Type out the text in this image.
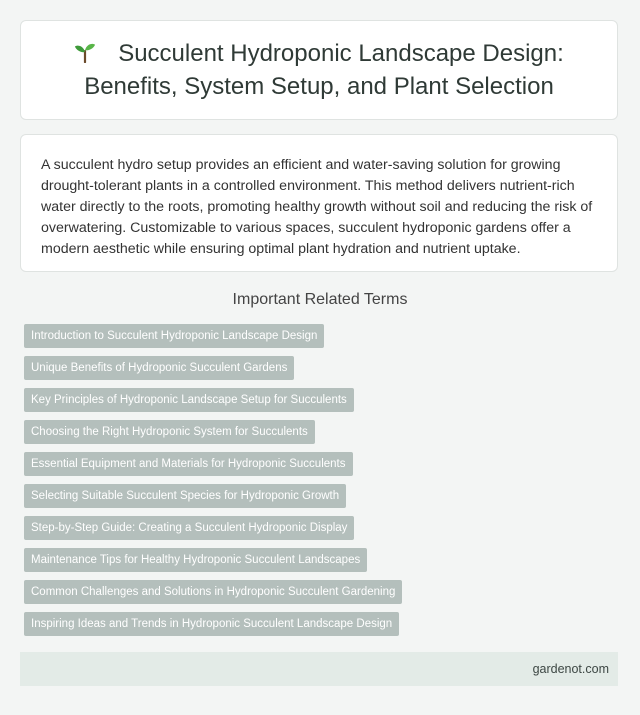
Succulent Hydroponic Landscape Design:
Benefits, System Setup, and Plant Selection

A succulent hydro setup provides an efficient and water-saving solution for growing drought-tolerant plants in a controlled environment. This method delivers nutrient-rich water directly to the roots, promoting healthy growth without soil and reducing the risk of overwatering. Customizable to various spaces, succulent hydroponic gardens offer a modern aesthetic while ensuring optimal plant hydration and nutrient uptake.

Important Related Terms
Introduction to Succulent Hydroponic Landscape Design
Unique Benefits of Hydroponic Succulent Gardens
Key Principles of Hydroponic Landscape Setup for Succulents
Choosing the Right Hydroponic System for Succulents
Essential Equipment and Materials for Hydroponic Succulents
Selecting Suitable Succulent Species for Hydroponic Growth
Step-by-Step Guide: Creating a Succulent Hydroponic Display
Maintenance Tips for Healthy Hydroponic Succulent Landscapes
Common Challenges and Solutions in Hydroponic Succulent Gardening
Inspiring Ideas and Trends in Hydroponic Succulent Landscape Design
gardenot.com
